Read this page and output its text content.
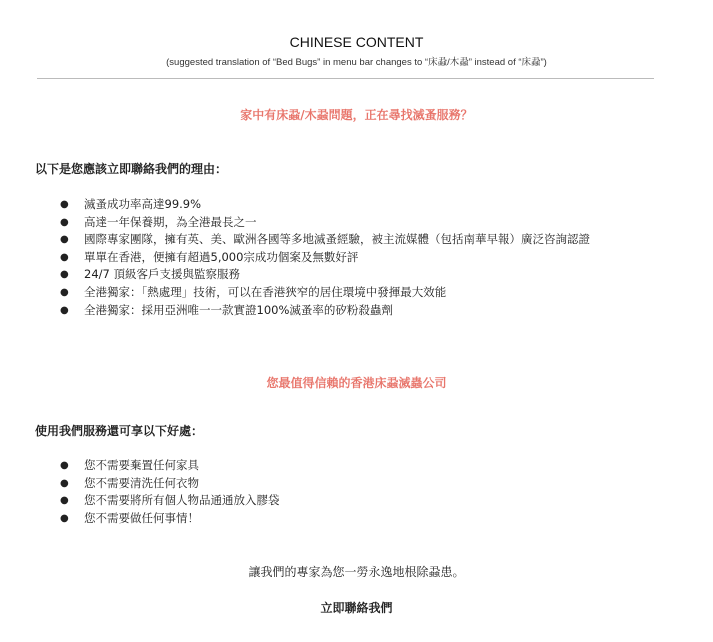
CHINESE CONTENT
(suggested translation of “Bed Bugs” in menu bar changes to “床蝨/木蝨” instead of “床蝨”)
家中有床蝨/木蝨問題，正在尋找滅蚤服務？
以下是您應該立即聯絡我們的理由：
● 滅蚤成功率高達99.9%
● 高達一年保養期，為全港最長之一
● 國際專家團隊，擁有英、美、歐洲各國等多地滅蚤經驗，被主流媒體（包括南華早報）廣泛咨詢認證
● 單單在香港，便擁有超過5,000宗成功個案及無數好評
● 24/7 頂級客戶支援與監察服務
● 全港獨家：「熱處理」技術，可以在香港狹窄的居住環境中發揮最大效能
● 全港獨家：採用亞洲唯一一款實證100%滅蚤率的矽粉殺蟲劑
您最值得信賴的香港床蝨滅蟲公司
使用我們服務還可享以下好處：
● 您不需要棄置任何家具
● 您不需要清洗任何衣物
● 您不需要將所有個人物品通通放入膠袋
● 您不需要做任何事情！
讓我們的專家為您一勞永逸地根除蝨患。
立即聯絡我們
